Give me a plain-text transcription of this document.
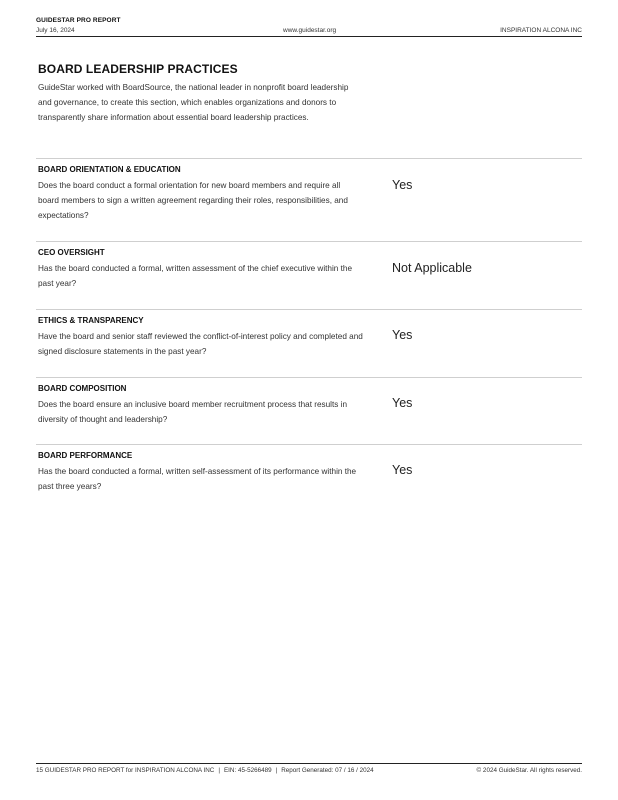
GUIDESTAR PRO REPORT
July 16, 2024	www.guidestar.org	INSPIRATION ALCONA INC
BOARD LEADERSHIP PRACTICES
GuideStar worked with BoardSource, the national leader in nonprofit board leadership and governance, to create this section, which enables organizations and donors to transparently share information about essential board leadership practices.
BOARD ORIENTATION & EDUCATION
Does the board conduct a formal orientation for new board members and require all board members to sign a written agreement regarding their roles, responsibilities, and expectations?
Yes
CEO OVERSIGHT
Has the board conducted a formal, written assessment of the chief executive within the past year?
Not Applicable
ETHICS & TRANSPARENCY
Have the board and senior staff reviewed the conflict-of-interest policy and completed and signed disclosure statements in the past year?
Yes
BOARD COMPOSITION
Does the board ensure an inclusive board member recruitment process that results in diversity of thought and leadership?
Yes
BOARD PERFORMANCE
Has the board conducted a formal, written self-assessment of its performance within the past three years?
Yes
15 GUIDESTAR PRO REPORT for INSPIRATION ALCONA INC | EIN: 45-5266489 | Report Generated: 07 / 16 / 2024	© 2024 GuideStar. All rights reserved.
